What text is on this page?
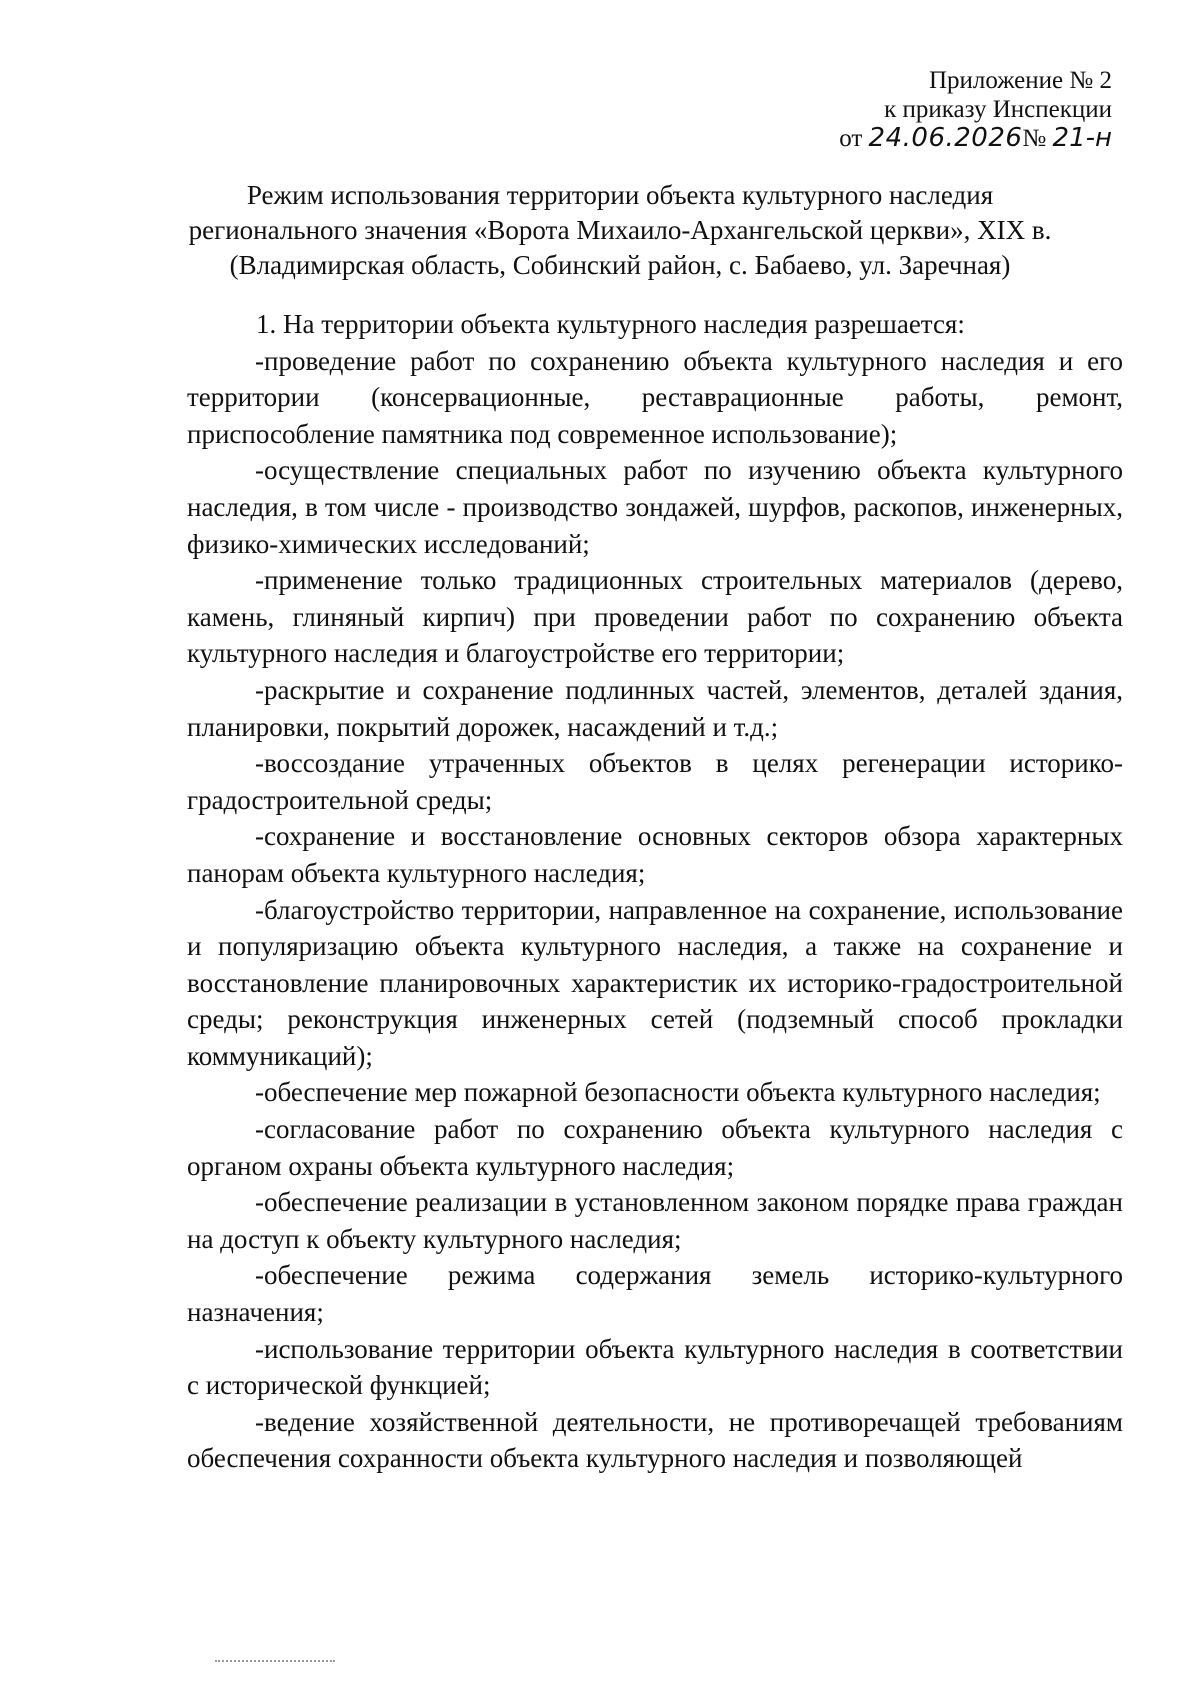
Приложение № 2
к приказу Инспекции
от 24.06.2026№ 21-н
Режим использования территории объекта культурного наследия
регионального значения «Ворота Михаило-Архангельской церкви», XIX в.
(Владимирская область, Собинский район, с. Бабаево, ул. Заречная)

1. На территории объекта культурного наследия разрешается:

-проведение работ по сохранению объекта культурного наследия и его территории (консервационные, реставрационные работы, ремонт, приспособление памятника под современное использование);

-осуществление специальных работ по изучению объекта культурного наследия, в том числе - производство зондажей, шурфов, раскопов, инженерных, физико-химических исследований;

-применение только традиционных строительных материалов (дерево, камень, глиняный кирпич) при проведении работ по сохранению объекта культурного наследия и благоустройстве его территории;

-раскрытие и сохранение подлинных частей, элементов, деталей здания, планировки, покрытий дорожек, насаждений и т.д.;

-воссоздание утраченных объектов в целях регенерации историко-градостроительной среды;

-сохранение и восстановление основных секторов обзора характерных панорам объекта культурного наследия;

-благоустройство территории, направленное на сохранение, использование и популяризацию объекта культурного наследия, а также на сохранение и восстановление планировочных характеристик их историко-градостроительной среды; реконструкция инженерных сетей (подземный способ прокладки коммуникаций);

-обеспечение мер пожарной безопасности объекта культурного наследия;

-согласование работ по сохранению объекта культурного наследия с органом охраны объекта культурного наследия;

-обеспечение реализации в установленном законом порядке права граждан на доступ к объекту культурного наследия;

-обеспечение режима содержания земель историко-культурного назначения;

-использование территории объекта культурного наследия в соответствии с исторической функцией;

-ведение хозяйственной деятельности, не противоречащей требованиям обеспечения сохранности объекта культурного наследия и позволяющей
